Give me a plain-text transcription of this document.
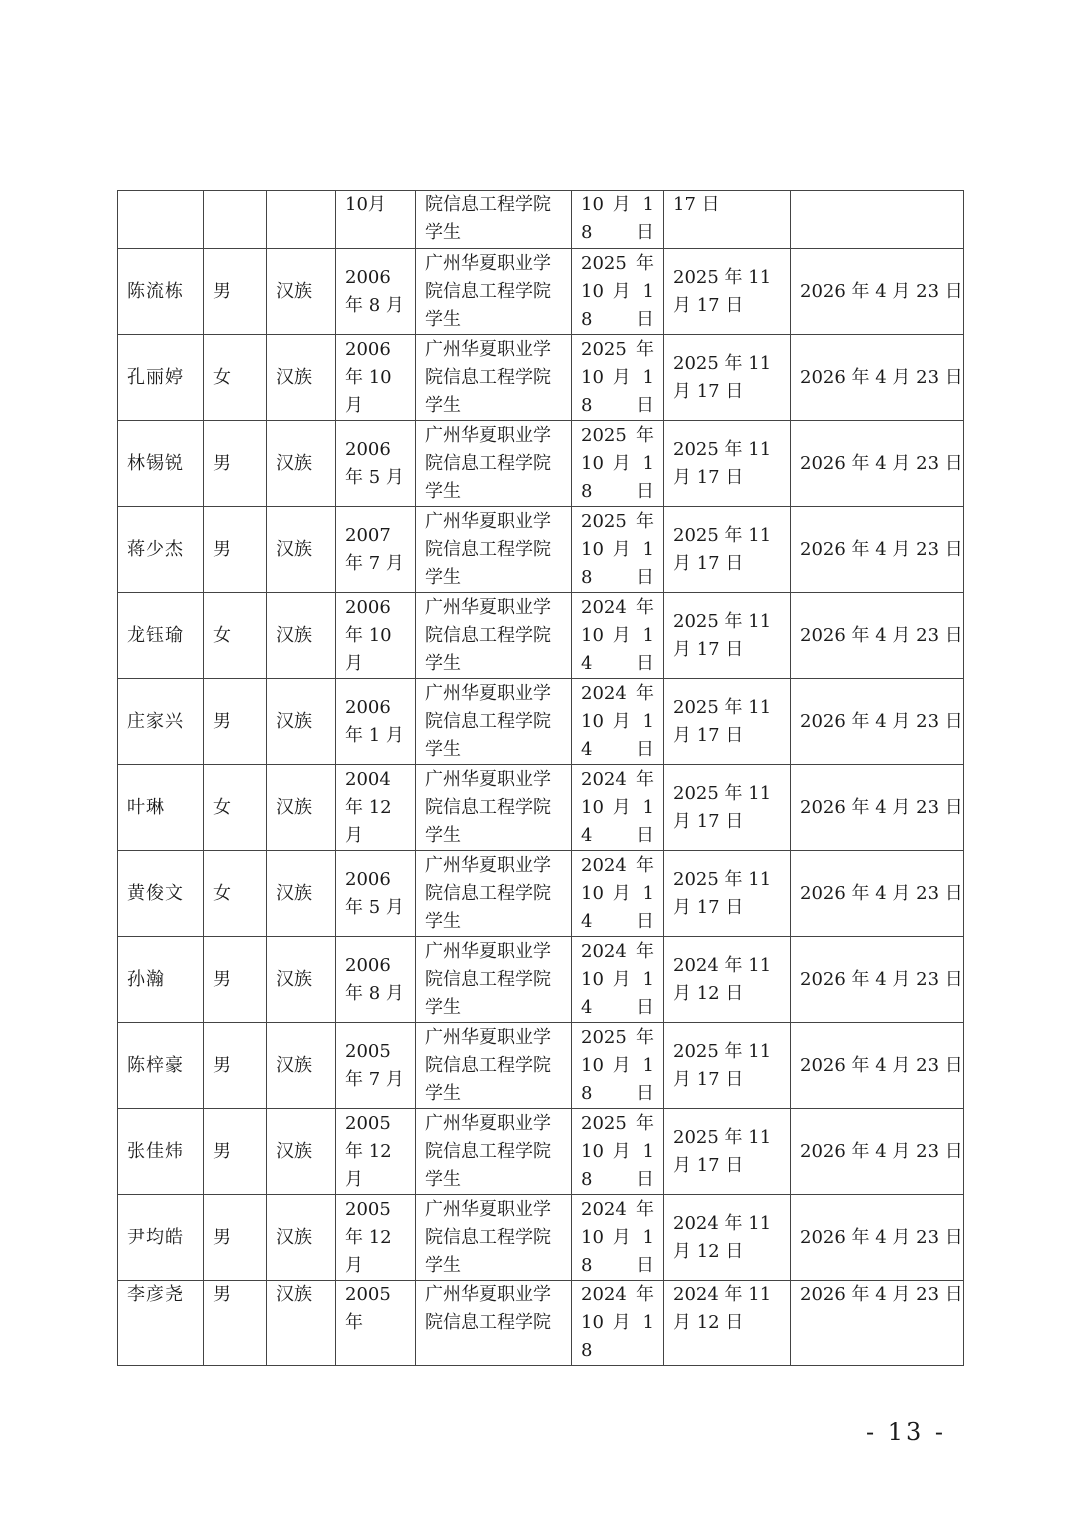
			10月	院信息工程学院学生	10 月 18 日	17 日	
陈流栋	男	汉族	2006 年 8 月	广州华夏职业学院信息工程学院学生	2025 年 10 月 18 日	2025 年 11 月 17 日	2026 年 4 月 23 日
孔丽婷	女	汉族	2006 年 10 月	广州华夏职业学院信息工程学院学生	2025 年 10 月 18 日	2025 年 11 月 17 日	2026 年 4 月 23 日
林锡锐	男	汉族	2006 年 5 月	广州华夏职业学院信息工程学院学生	2025 年 10 月 18 日	2025 年 11 月 17 日	2026 年 4 月 23 日
蒋少杰	男	汉族	2007 年 7 月	广州华夏职业学院信息工程学院学生	2025 年 10 月 18 日	2025 年 11 月 17 日	2026 年 4 月 23 日
龙钰瑜	女	汉族	2006 年 10 月	广州华夏职业学院信息工程学院学生	2024 年 10 月 14 日	2025 年 11 月 17 日	2026 年 4 月 23 日
庄家兴	男	汉族	2006 年 1 月	广州华夏职业学院信息工程学院学生	2024 年 10 月 14 日	2025 年 11 月 17 日	2026 年 4 月 23 日
叶琳	女	汉族	2004 年 12 月	广州华夏职业学院信息工程学院学生	2024 年 10 月 14 日	2025 年 11 月 17 日	2026 年 4 月 23 日
黄俊文	女	汉族	2006 年 5 月	广州华夏职业学院信息工程学院学生	2024 年 10 月 14 日	2025 年 11 月 17 日	2026 年 4 月 23 日
孙瀚	男	汉族	2006 年 8 月	广州华夏职业学院信息工程学院学生	2024 年 10 月 14 日	2024 年 11 月 12 日	2026 年 4 月 23 日
陈梓豪	男	汉族	2005 年 7 月	广州华夏职业学院信息工程学院学生	2025 年 10 月 18 日	2025 年 11 月 17 日	2026 年 4 月 23 日
张佳炜	男	汉族	2005 年 12 月	广州华夏职业学院信息工程学院学生	2025 年 10 月 18 日	2025 年 11 月 17 日	2026 年 4 月 23 日
尹均皓	男	汉族	2005 年 12 月	广州华夏职业学院信息工程学院学生	2024 年 10 月 18 日	2024 年 11 月 12 日	2026 年 4 月 23 日
李彦尧	男	汉族	2005 年	广州华夏职业学院信息工程学院	2024 年 10 月 18	2024 年 11 月 12 日	2026 年 4 月 23 日
- 13 -
